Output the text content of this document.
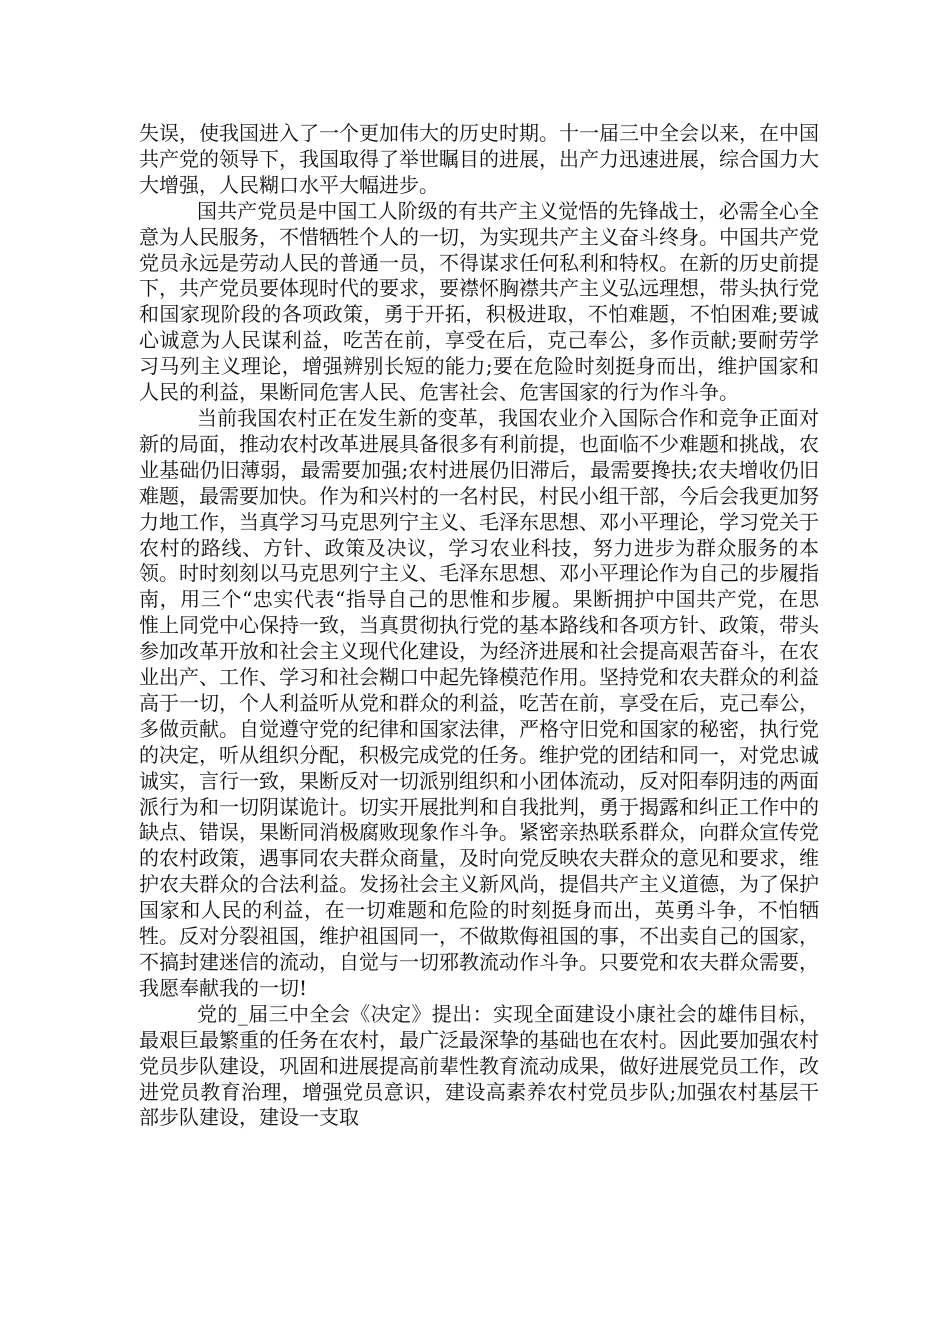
失误，使我国进入了一个更加伟大的历史时期。十一届三中全会以来，在中国共产党的领导下，我国取得了举世瞩目的进展，出产力迅速进展，综合国力大大增强，人民糊口水平大幅进步。

国共产党员是中国工人阶级的有共产主义觉悟的先锋战士，必需全心全意为人民服务，不惜牺牲个人的一切，为实现共产主义奋斗终身。中国共产党党员永远是劳动人民的普通一员，不得谋求任何私利和特权。在新的历史前提下，共产党员要体现时代的要求，要襟怀胸襟共产主义弘远理想，带头执行党和国家现阶段的各项政策，勇于开拓，积极进取，不怕难题，不怕困难;要诚心诚意为人民谋利益，吃苦在前，享受在后，克己奉公，多作贡献;要耐劳学习马列主义理论，增强辨别长短的能力;要在危险时刻挺身而出，维护国家和人民的利益，果断同危害人民、危害社会、危害国家的行为作斗争。

当前我国农村正在发生新的变革，我国农业介入国际合作和竞争正面对新的局面，推动农村改革进展具备很多有利前提，也面临不少难题和挑战，农业基础仍旧薄弱，最需要加强;农村进展仍旧滞后，最需要搀扶;农夫增收仍旧难题，最需要加快。作为和兴村的一名村民，村民小组干部，今后会我更加努力地工作，当真学习马克思列宁主义、毛泽东思想、邓小平理论，学习党关于农村的路线、方针、政策及决议，学习农业科技，努力进步为群众服务的本领。时时刻刻以马克思列宁主义、毛泽东思想、邓小平理论作为自己的步履指南，用三个“忠实代表“指导自己的思惟和步履。果断拥护中国共产党，在思惟上同党中心保持一致，当真贯彻执行党的基本路线和各项方针、政策，带头参加改革开放和社会主义现代化建设，为经济进展和社会提高艰苦奋斗，在农业出产、工作、学习和社会糊口中起先锋模范作用。坚持党和农夫群众的利益高于一切，个人利益听从党和群众的利益，吃苦在前，享受在后，克己奉公，多做贡献。自觉遵守党的纪律和国家法律，严格守旧党和国家的秘密，执行党的决定，听从组织分配，积极完成党的任务。维护党的团结和同一，对党忠诚诚实，言行一致，果断反对一切派别组织和小团体流动，反对阳奉阴违的两面派行为和一切阴谋诡计。切实开展批判和自我批判，勇于揭露和纠正工作中的缺点、错误，果断同消极腐败现象作斗争。紧密亲热联系群众，向群众宣传党的农村政策，遇事同农夫群众商量，及时向党反映农夫群众的意见和要求，维护农夫群众的合法利益。发扬社会主义新风尚，提倡共产主义道德，为了保护国家和人民的利益，在一切难题和危险的时刻挺身而出，英勇斗争，不怕牺牲。反对分裂祖国，维护祖国同一，不做欺侮祖国的事，不出卖自己的国家，不搞封建迷信的流动，自觉与一切邪教流动作斗争。只要党和农夫群众需要，我愿奉献我的一切!

党的_届三中全会《决定》提出：实现全面建设小康社会的雄伟目标，最艰巨最繁重的任务在农村，最广泛最深挚的基础也在农村。因此要加强农村党员步队建设，巩固和进展提高前辈性教育流动成果，做好进展党员工作，改进党员教育治理，增强党员意识，建设高素养农村党员步队;加强农村基层干部步队建设，建设一支取
